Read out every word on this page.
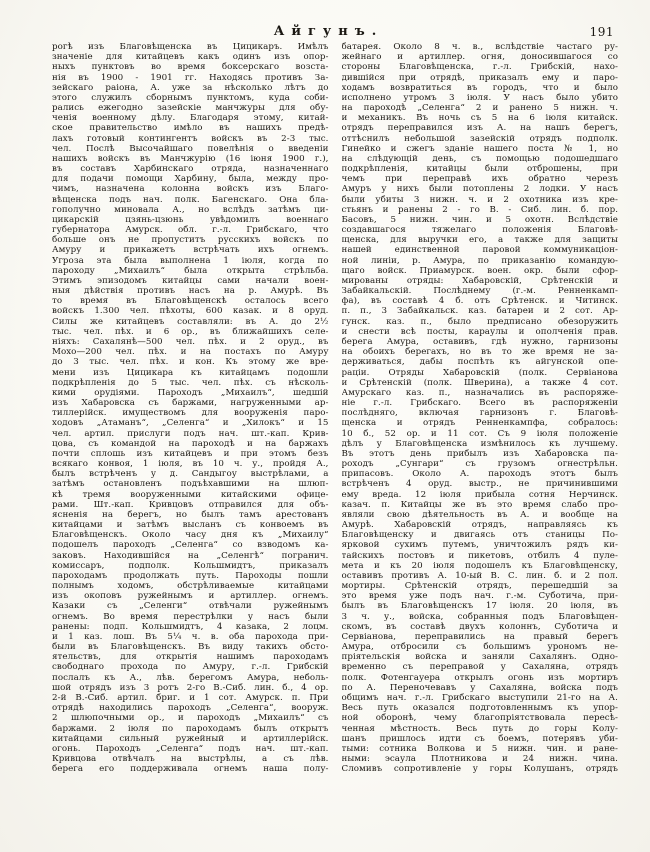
Айгунъ.	191
рогѣ изъ Благовѣщенска въ Цицикаръ. Имѣлъ
значеніе для китайцевъ какъ одинъ изъ опор-
ныхъ пунктовъ во время боксерскаго возста-
нія въ 1900 - 1901 гг. Находясь противъ За-
зейскаго раіона, А. уже за нѣсколько лѣтъ до
этого служилъ сборнымъ пунктомъ, куда соби-
рались ежегодно зазейскіе манчжуры для обу-
ченія военному дѣлу. Благодаря этому, китай-
ское правительство имѣло въ нашихъ предѣ-
лахъ готовый контингентъ войскъ въ 2-3 тыс.
чел. Послѣ Высочайшаго повелѣнія о введеніи
нашихъ войскъ въ Манчжурію (16 іюня 1900 г.),
въ составъ Харбинскаго отряда, назначеннаго
для подачи помощи Харбину, была, между про-
чимъ, назначена колонна войскъ изъ Благо-
вѣщенска подъ нач. полк. Багенскаго. Она бла-
гополучно миновала А., но вслѣдъ затѣмъ ци-
цикарскій цзянь-цзюнь увѣдомилъ военнаго
губернатора Амурск. обл. г.-л. Грибскаго, что
больше онъ не пропуститъ русскихъ войскъ по
Амуру и прикажетъ встрѣчать ихъ огнемъ.
Угроза эта была выполнена 1 іюля, когда по
пароходу „Михаилъ“ была открыта стрѣльба.
Этимъ эпизодомъ китайцы сами начали воен-
ныя дѣйствія противъ насъ на р. Амурѣ. Въ
то время въ Благовѣщенскѣ осталось всего
войскъ 1.300 чел. пѣхоты, 600 казак. и 8 оруд.
Силы же китайцевъ составляли: въ А. до 2½
тыс. чел. пѣх. и 6 ор., въ ближайшихъ селе-
ніяхъ: Сахалянѣ—500 чел. пѣх. и 2 оруд., въ
Мохо—200 чел. пѣх. и на постахъ по Амуру
до 3 тыс. чел. пѣх. и кон. Къ этому же вре-
мени изъ Цицикара къ китайцамъ подошли
подкрѣпленія до 5 тыс. чел. пѣх. съ нѣсколь-
кими орудіями. Пароходъ „Михаилъ“, шедшій
изъ Хабаровска съ баржами, нагруженными ар-
тиллерійск. имуществомъ для вооруженія паро-
ходовъ „Атаманъ“, „Селенга“ и „Хилокъ“ и 15
чел. артил. прислуги подъ нач. шт.-кап. Крив-
цова, съ командой на пароходѣ и на баржахъ
почти сплошь изъ китайцевъ и при этомъ безъ
всякаго конвоя, 1 іюля, въ 10 ч. у., пройдя А.,
былъ встрѣченъ у д. Сандыгоу выстрѣлами, а
затѣмъ остановленъ подъѣхавшими на шлюп-
кѣ тремя вооруженными китайскими офице-
рами. Шт.-кап. Кривцовъ отправился для объ-
ясненія на берегъ, но былъ тамъ арестованъ
китайцами и затѣмъ высланъ съ конвоемъ въ
Благовѣщенскъ. Около часу дня къ „Михаилу“
подошелъ пароходъ „Селенга“ со взводомъ ка-
заковъ. Находившійся на „Селенгѣ“ погранич.
комиссаръ, подполк. Кольшмидтъ, приказалъ
пароходамъ продолжать путь. Пароходы пошли
полнымъ ходомъ, обстрѣливаемые китайцами
изъ окоповъ ружейнымъ и артиллер. огнемъ.
Казаки съ „Селенги“ отвѣчали ружейнымъ
огнемъ. Во время перестрѣлки у насъ были
ранены: подп. Кольшмидтъ, 4 казака, 2 лоцм.
и 1 каз. лош. Въ 5¼ ч. в. оба парохода при-
были въ Благовѣщенскъ. Въ виду такихъ обсто-
ятельствъ, для открытія нашимъ пароходамъ
свободнаго прохода по Амуру, г.-л. Грибскій
послалъ къ А., лѣв. берегомъ Амура, неболь-
шой отрядъ изъ 3 ротъ 2-го В.-Сиб. лин. б., 4 ор.
2-й В.-Сиб. артил. бриг. и 1 сот. Амурск. п. При
отрядѣ находились пароходъ „Селенга“, вооруж.
2 шлюпочными ор., и пароходъ „Михаилъ“ съ
баржами. 2 іюля по пароходамъ былъ открытъ
китайцами сильный ружейный и артиллерійск.
огонь. Пароходъ „Селенга“ подъ нач. шт.-кап.
Кривцова отвѣчалъ на выстрѣлы, а съ лѣв.
берега его поддерживала огнемъ наша полу-
батарея. Около 8 ч. в., вслѣдствіе частаго ру-
жейнаго и артиллер. огня, доносившагося со
стороны Благовѣщенска, г.-л. Грибскій, нахо-
дившійся при отрядѣ, приказалъ ему и паро-
ходамъ возвратиться въ городъ, что и было
исполнено утромъ 3 іюля. У насъ было убито
на пароходѣ „Селенга“ 2 и ранено 5 нижн. ч.
и механикъ. Въ ночь съ 5 на 6 іюля китайск.
отрядъ переправился изъ А. на нашъ берегъ,
оттѣснилъ небольшой зазейскій отрядъ подполк.
Гинейко и сжегъ зданіе нашего поста № 1, но
на слѣдующій день, съ помощью подошедшаго
подкрѣпленія, китайцы были отброшены, при
чемъ при переправѣ ихъ обратно черезъ
Амуръ у нихъ были потоплены 2 лодки. У насъ
были убиты 3 нижн. ч. и 2 охотника изъ кре-
стьянъ и ранены 2 - го В. - Сиб. лин. б. пор.
Басовъ, 5 нижн. чин. и 5 охотн. Вслѣдствіе
создавшагося тяжелаго положенія Благовѣ-
щенска, для выручки его, а также для защиты
нашей единственной паровой коммуникаціон-
ной линіи, р. Амура, по приказанію командую-
щаго войск. Приамурск. воен. окр. были сфор-
мированы отряды: Хабаровскій, Срѣтенскій и
Забайкальскій. Послѣднему (г.-м. Ренненкамп-
фа), въ составѣ 4 б. отъ Срѣтенск. и Читинск.
п. п., 3 Забайкальск. каз. батареи и 2 сот. Ар-
гунск. каз. п., было предписано обезоружить
и снести всѣ посты, караулы и ополченія прав.
берега Амура, оставивъ, гдѣ нужно, гарнизоны
на обоихъ берегахъ, но въ то же время не за-
держиваться, дабы поспѣть къ айгунской опе-
раціи. Отряды Хабаровскій (полк. Сервіанова
и Срѣтенскій (полк. Шверина), а также 4 сот.
Амурскаго каз. п., назначались въ распоряже-
ніе г.-л. Грибскаго. Всего въ распоряженіи
послѣдняго, включая гарнизонъ г. Благовѣ-
щенска и отрядъ Ренненкампфа, собралось:
10 б., 52 ор. и 11 сот. Съ 9 іюля положеніе
дѣлъ у Благовѣщенска измѣнилось къ лучшему.
Въ этотъ день прибылъ изъ Хабаровска па-
роходъ „Сунгари“ съ грузомъ огнестрѣльн.
припасовъ. Около А. пароходъ этотъ былъ
встрѣченъ 4 оруд. выстр., не причинившими
ему вреда. 12 іюля прибыла сотня Нерчинск.
казач. п. Китайцы же въ это время слабо про-
являли свою дѣятельность въ А. и вообще на
Амурѣ. Хабаровскій отрядъ, направляясь къ
Благовѣщенску и двигаясь отъ станицы По-
ярковой сухимъ путемъ, уничтожилъ рядъ ки-
тайскихъ постовъ и пикетовъ, отбилъ 4 пуле-
мета и къ 20 іюля подошелъ къ Благовѣщенску,
оставивъ противъ А. 10-ый В. С. лин. б. и 2 пол.
мортиры. Срѣтенскій отрядъ, перешедшій за
это время уже подъ нач. г.-м. Суботича, при-
былъ въ Благовѣщенскъ 17 іюля. 20 іюля, въ
3 ч. у., войска, собранныя подъ Благовѣщен-
скомъ, въ составѣ двухъ колоннъ, Суботича и
Сервіанова, переправились на правый берегъ
Амура, отбросили съ большимъ урономъ не-
пріятельскія войска и заняли Сахалянъ. Одно-
временно съ переправой у Сахаляна, отрядъ
полк. Фотенгауера открылъ огонь изъ мортиръ
по А. Переночевавъ у Сахаляна, войска подъ
общимъ нач. г.-л. Грибскаго выступили 21-го на А.
Весь путь оказался подготовленнымъ къ упор-
ной оборонѣ, чему благопріятствовала пересѣ-
ченная мѣстность. Весь путь до горы Колу-
шанъ пришлось идти съ боемъ, потерявъ уби-
тыми: сотника Волкова и 5 нижн. чин. и ране-
ными: эсаула Плотникова и 24 нижн. чина.
Сломивъ сопротивленіе у горы Колушанъ, отрядъ
